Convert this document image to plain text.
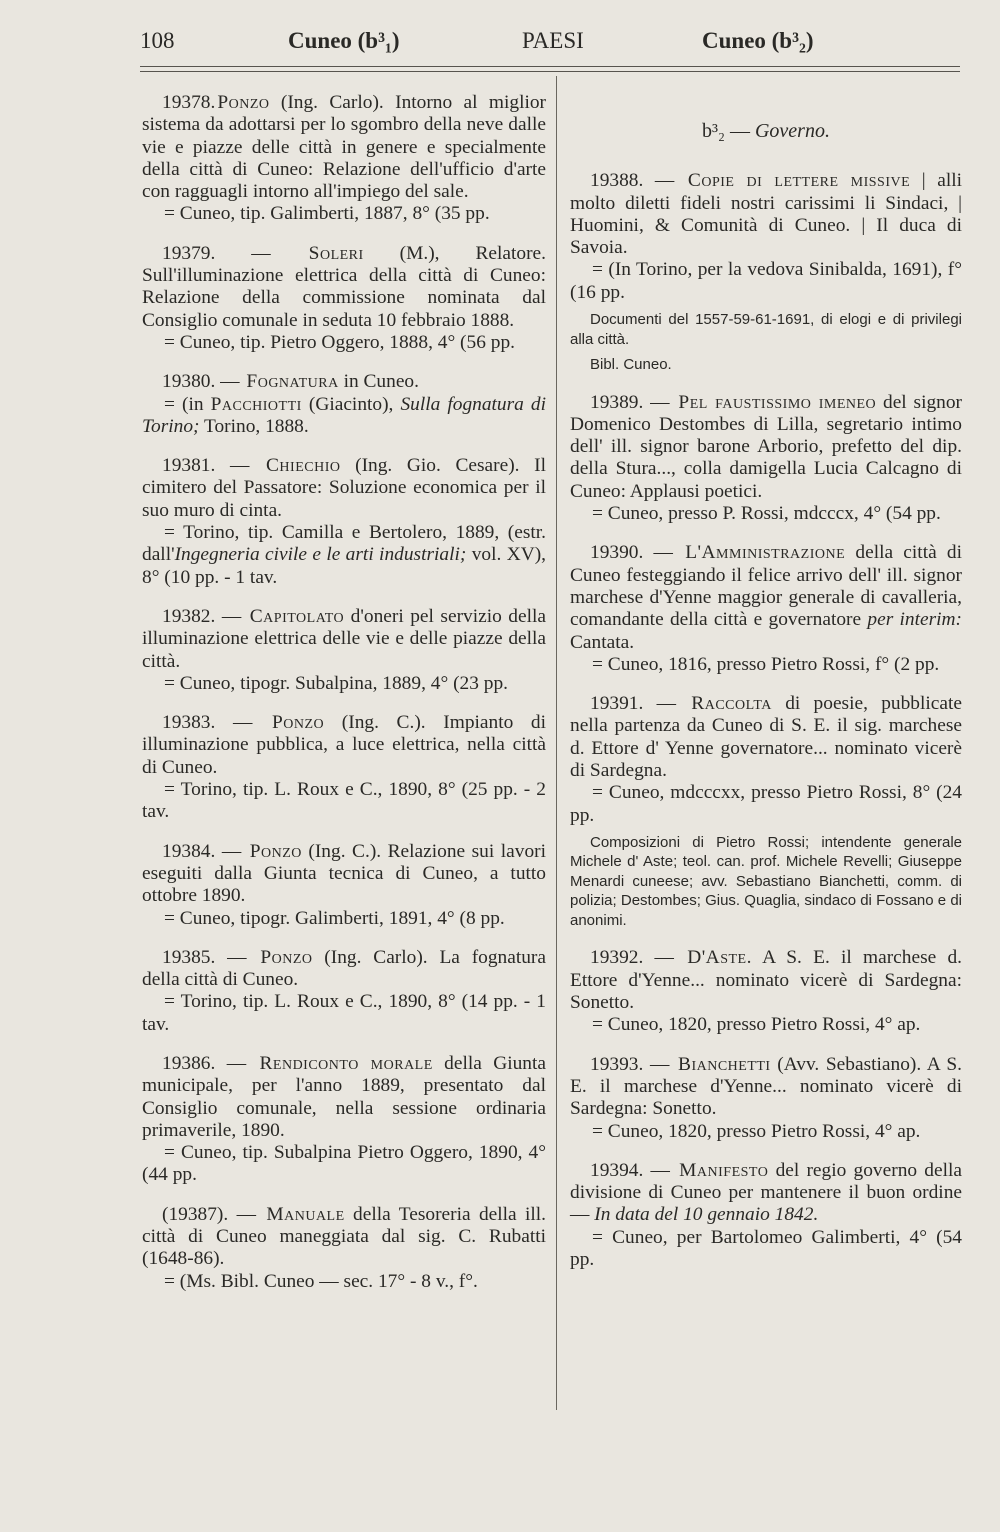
108	Cuneo (b³₁)	PAESI	Cuneo (b³₂)

19378. Ponzo (Ing. Carlo). Intorno al miglior sistema da adottarsi per lo sgombro della neve dalle vie e piazze delle città in genere e specialmente della città di Cuneo: Relazione dell'ufficio d'arte con ragguagli intorno all'impiego del sale.

= Cuneo, tip. Galimberti, 1887, 8° (35 pp.

19379. — Soleri (M.), Relatore. Sull'illuminazione elettrica della città di Cuneo: Relazione della commissione nominata dal Consiglio comunale in seduta 10 febbraio 1888.

= Cuneo, tip. Pietro Oggero, 1888, 4° (56 pp.

19380. — Fognatura in Cuneo.

= (in Pacchiotti (Giacinto), Sulla fognatura di Torino; Torino, 1888.

19381. — Chiechio (Ing. Gio. Cesare). Il cimitero del Passatore: Soluzione economica per il suo muro di cinta.

= Torino, tip. Camilla e Bertolero, 1889, (estr. dall'Ingegneria civile e le arti industriali; vol. XV), 8° (10 pp. - 1 tav.

19382. — Capitolato d'oneri pel servizio della illuminazione elettrica delle vie e delle piazze della città.

= Cuneo, tipogr. Subalpina, 1889, 4° (23 pp.

19383. — Ponzo (Ing. C.). Impianto di illuminazione pubblica, a luce elettrica, nella città di Cuneo.

= Torino, tip. L. Roux e C., 1890, 8° (25 pp. - 2 tav.

19384. — Ponzo (Ing. C.). Relazione sui lavori eseguiti dalla Giunta tecnica di Cuneo, a tutto ottobre 1890.

= Cuneo, tipogr. Galimberti, 1891, 4° (8 pp.

19385. — Ponzo (Ing. Carlo). La fognatura della città di Cuneo.

= Torino, tip. L. Roux e C., 1890, 8° (14 pp. - 1 tav.

19386. — Rendiconto morale della Giunta municipale, per l'anno 1889, presentato dal Consiglio comunale, nella sessione ordinaria primaverile, 1890.

= Cuneo, tip. Subalpina Pietro Oggero, 1890, 4° (44 pp.

(19387). — Manuale della Tesoreria della ill. città di Cuneo maneggiata dal sig. C. Rubatti (1648-86).

= (Ms. Bibl. Cuneo — sec. 17° - 8 v., f°.

b³₂ — Governo.

19388. — Copie di lettere missive | alli molto diletti fideli nostri carissimi li Sindaci, | Huomini, & Comunità di Cuneo. | Il duca di Savoia.

= (In Torino, per la vedova Sinibalda, 1691), f° (16 pp.

Documenti del 1557-59-61-1691, di elogi e di privilegi alla città.

Bibl. Cuneo.

19389. — Pel faustissimo imeneo del signor Domenico Destombes di Lilla, segretario intimo dell' ill. signor barone Arborio, prefetto del dip. della Stura..., colla damigella Lucia Calcagno di Cuneo: Applausi poetici.

= Cuneo, presso P. Rossi, mdcccx, 4° (54 pp.

19390. — L'Amministrazione della città di Cuneo festeggiando il felice arrivo dell' ill. signor marchese d'Yenne maggior generale di cavalleria, comandante della città e governatore per interim: Cantata.

= Cuneo, 1816, presso Pietro Rossi, f° (2 pp.

19391. — Raccolta di poesie, pubblicate nella partenza da Cuneo di S. E. il sig. marchese d. Ettore d' Yenne governatore... nominato vicerè di Sardegna.

= Cuneo, mdcccxx, presso Pietro Rossi, 8° (24 pp.

Composizioni di Pietro Rossi; intendente generale Michele d' Aste; teol. can. prof. Michele Revelli; Giuseppe Menardi cuneese; avv. Sebastiano Bianchetti, comm. di polizia; Destombes; Gius. Quaglia, sindaco di Fossano e di anonimi.

19392. — D'Aste. A S. E. il marchese d. Ettore d'Yenne... nominato vicerè di Sardegna: Sonetto.

= Cuneo, 1820, presso Pietro Rossi, 4° ap.

19393. — Bianchetti (Avv. Sebastiano). A S. E. il marchese d'Yenne... nominato vicerè di Sardegna: Sonetto.

= Cuneo, 1820, presso Pietro Rossi, 4° ap.

19394. — Manifesto del regio governo della divisione di Cuneo per mantenere il buon ordine — In data del 10 gennaio 1842.

= Cuneo, per Bartolomeo Galimberti, 4° (54 pp.
